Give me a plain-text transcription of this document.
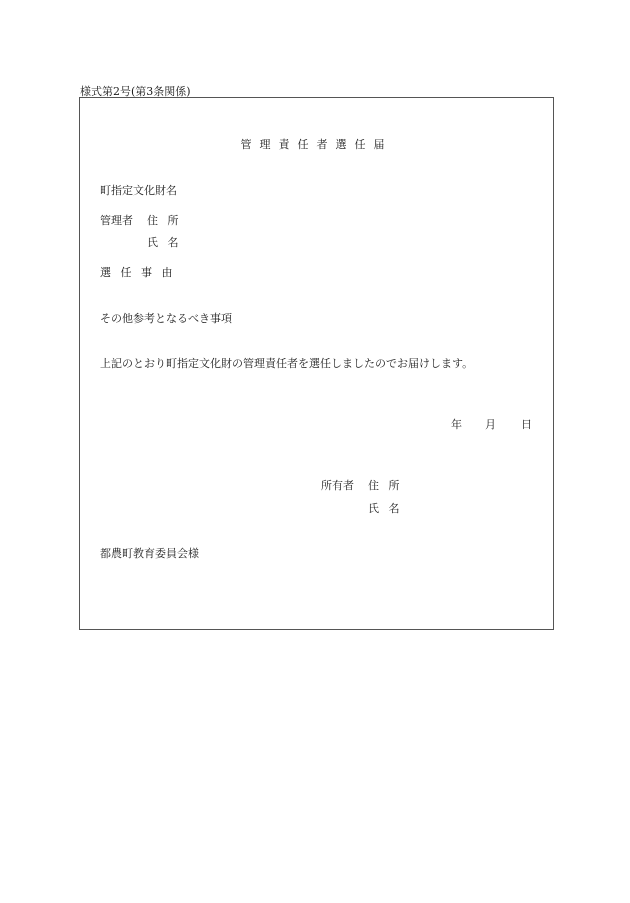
様式第2号(第3条関係)
管理責任者選任届
町指定文化財名
管理者 住 所
氏 名
選 任 事 由
その他参考となるべき事項
上記のとおり町指定文化財の管理責任者を選任しましたのでお届けします。
年 月 日
所有者 住 所
氏 名
都農町教育委員会様
